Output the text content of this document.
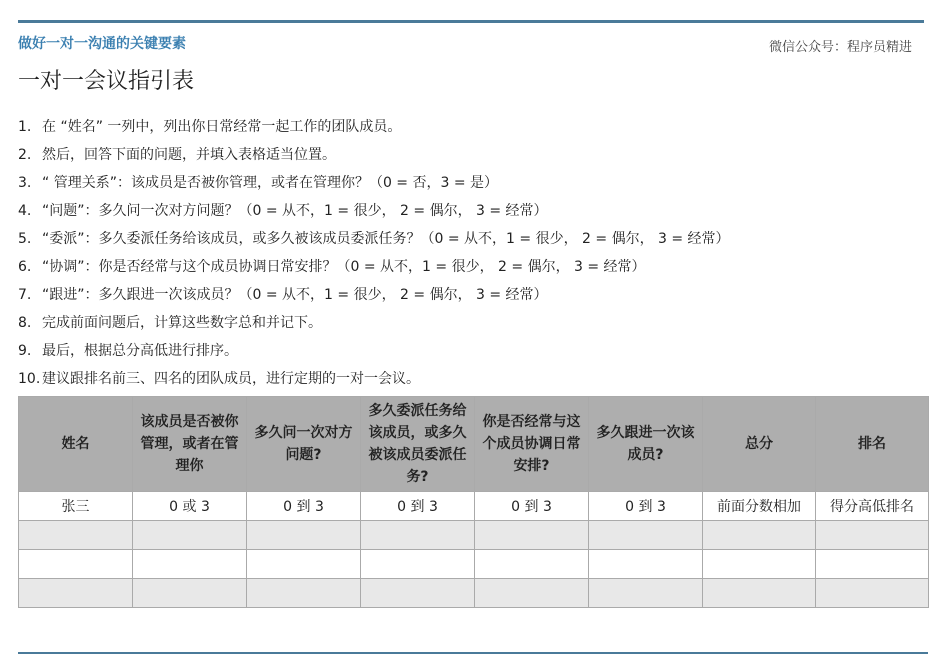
做好一对一沟通的关键要素	微信公众号：程序员精进
一对一会议指引表
1. 在 “姓名” 一列中，列出你日常经常一起工作的团队成员。
2. 然后，回答下面的问题，并填入表格适当位置。
3. “ 管理关系”：该成员是否被你管理，或者在管理你？（0 = 否，3 = 是）
4. “问题”：多久问一次对方问题？（0 = 从不，1 = 很少， 2 = 偶尔， 3 = 经常）
5. “委派”：多久委派任务给该成员，或多久被该成员委派任务？（0 = 从不，1 = 很少， 2 = 偶尔， 3 = 经常）
6. “协调”：你是否经常与这个成员协调日常安排？（0 = 从不，1 = 很少， 2 = 偶尔， 3 = 经常）
7. “跟进”：多久跟进一次该成员？（0 = 从不，1 = 很少， 2 = 偶尔， 3 = 经常）
8. 完成前面问题后，计算这些数字总和并记下。
9. 最后，根据总分高低进行排序。
10. 建议跟排名前三、四名的团队成员，进行定期的一对一会议。
姓名	该成员是否被你管理，或者在管理你	多久问一次对方问题?	多久委派任务给该成员，或多久被该成员委派任务?	你是否经常与这个成员协调日常安排?	多久跟进一次该成员?	总分	排名
张三	0 或 3	0 到 3	0 到 3	0 到 3	0 到 3	前面分数相加	得分高低排名
